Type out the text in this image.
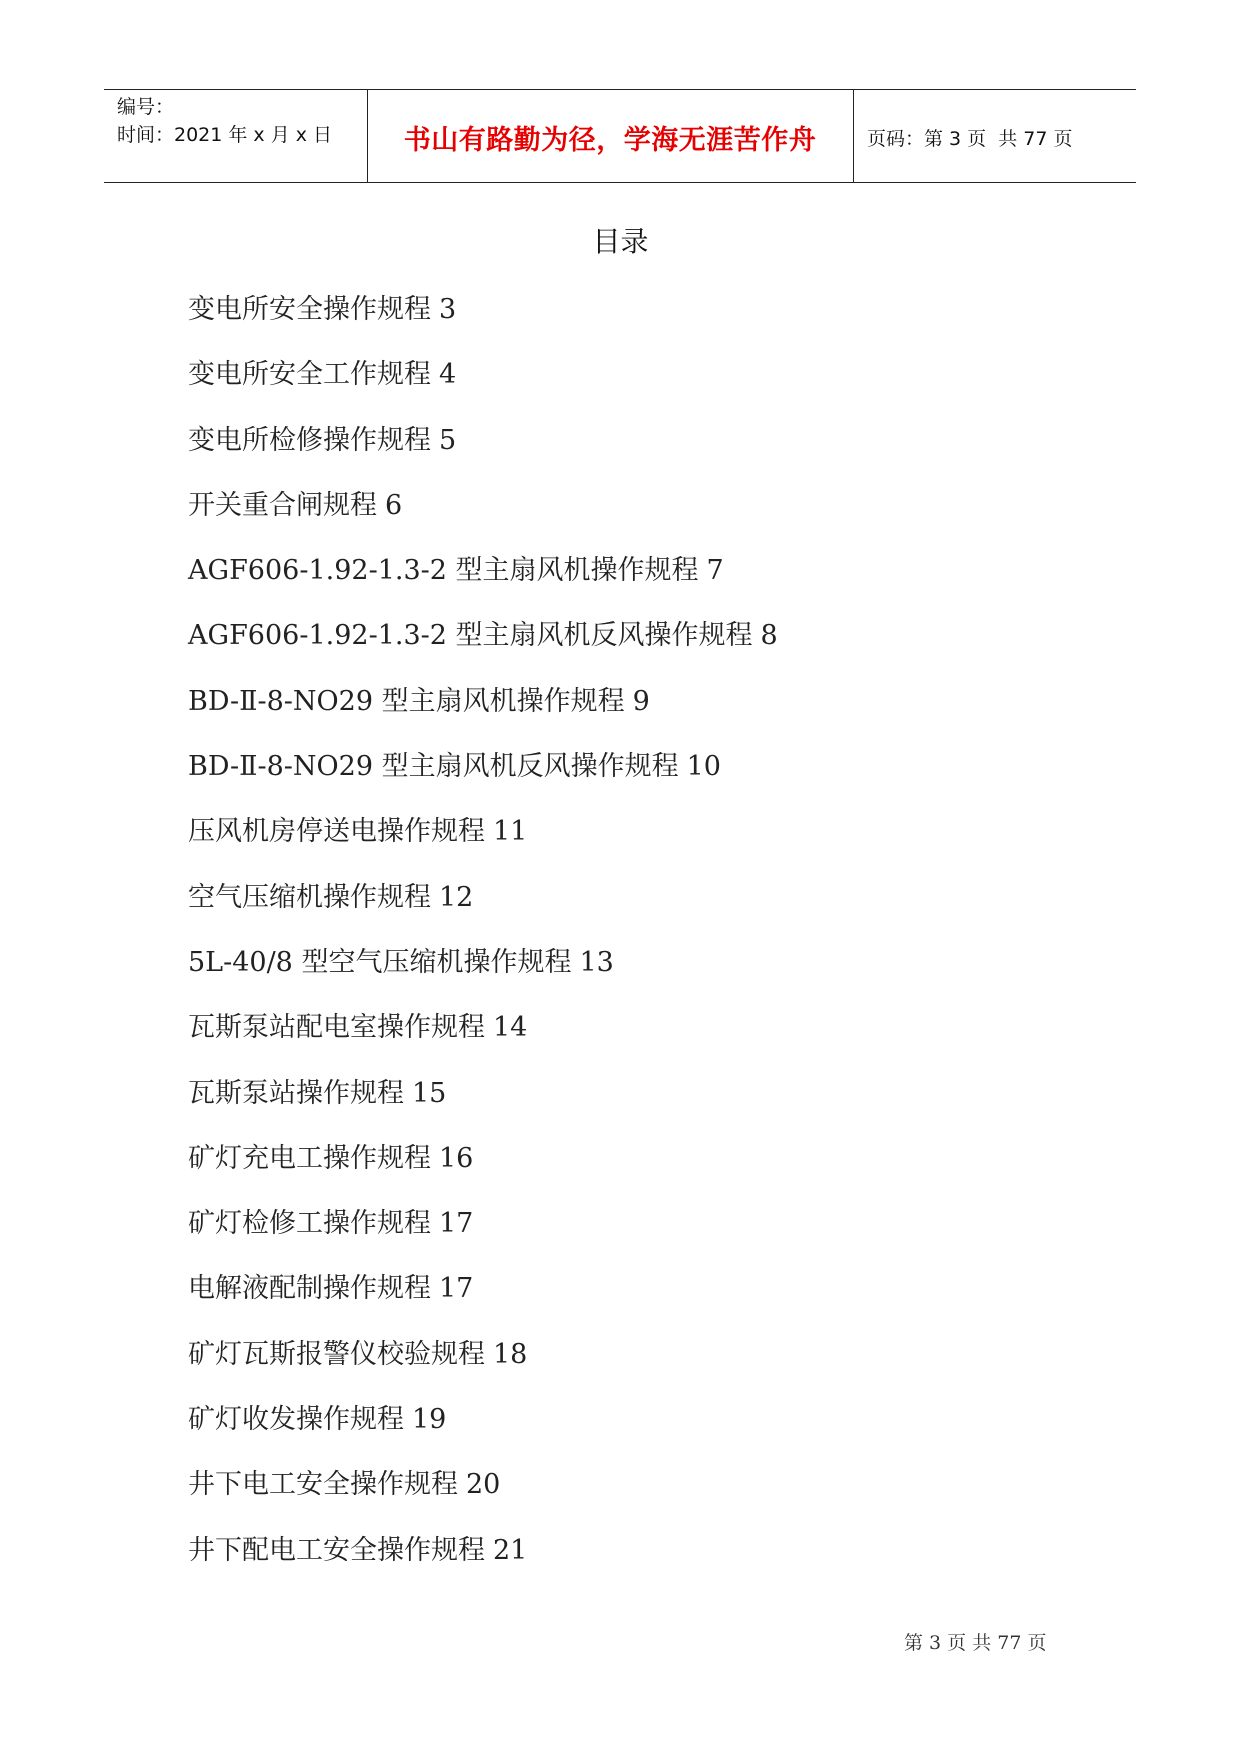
编号：
时间：2021 年 x 月 x 日	书山有路勤为径，学海无涯苦作舟	页码：第 3 页  共 77 页
目录
变电所安全操作规程 3
变电所安全工作规程 4
变电所检修操作规程 5
开关重合闸规程 6
AGF606-1.92-1.3-2 型主扇风机操作规程 7
AGF606-1.92-1.3-2 型主扇风机反风操作规程 8
BD-Ⅱ-8-NO29 型主扇风机操作规程 9
BD-Ⅱ-8-NO29 型主扇风机反风操作规程 10
压风机房停送电操作规程 11
空气压缩机操作规程 12
5L-40/8 型空气压缩机操作规程 13
瓦斯泵站配电室操作规程 14
瓦斯泵站操作规程 15
矿灯充电工操作规程 16
矿灯检修工操作规程 17
电解液配制操作规程 17
矿灯瓦斯报警仪校验规程 18
矿灯收发操作规程 19
井下电工安全操作规程 20
井下配电工安全操作规程 21
第 3 页 共 77 页
